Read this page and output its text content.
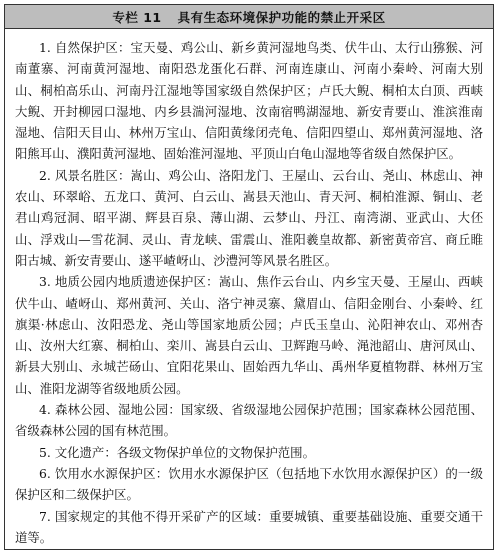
专栏 11 具有生态环境保护功能的禁止开采区

1. 自然保护区：宝天曼、鸡公山、新乡黄河湿地鸟类、伏牛山、太行山猕猴、河南董寨、河南黄河湿地、南阳恐龙蛋化石群、河南连康山、河南小秦岭、河南大别山、桐柏高乐山、河南丹江湿地等国家级自然保护区；卢氏大鲵、桐柏太白顶、西峡大鲵、开封柳园口湿地、内乡县湍河湿地、汝南宿鸭湖湿地、新安青要山、淮滨淮南湿地、信阳天目山、林州万宝山、信阳黄缘闭壳龟、信阳四望山、郑州黄河湿地、洛阳熊耳山、濮阳黄河湿地、固始淮河湿地、平顶山白龟山湿地等省级自然保护区。

2. 风景名胜区：嵩山、鸡公山、洛阳龙门、王屋山、云台山、尧山、林虑山、神农山、环翠峪、五龙口、黄河、白云山、嵩县天池山、青天河、桐柏淮源、铜山、老君山鸡冠洞、昭平湖、辉县百泉、薄山湖、云梦山、丹江、南湾湖、亚武山、大伾山、浮戏山—雪花洞、灵山、青龙峡、雷震山、淮阳羲皇故都、新密黄帝宫、商丘睢阳古城、新安青要山、遂平嵖岈山、沙澧河等风景名胜区。

3. 地质公园内地质遗迹保护区：嵩山、焦作云台山、内乡宝天曼、王屋山、西峡伏牛山、嵖岈山、郑州黄河、关山、洛宁神灵寨、黛眉山、信阳金刚台、小秦岭、红旗渠·林虑山、汝阳恐龙、尧山等国家地质公园；卢氏玉皇山、沁阳神农山、邓州杏山、汝州大红寨、桐柏山、栾川、嵩县白云山、卫辉跑马岭、渑池韶山、唐河凤山、新县大别山、永城芒砀山、宜阳花果山、固始西九华山、禹州华夏植物群、林州万宝山、淮阳龙湖等省级地质公园。

4. 森林公园、湿地公园：国家级、省级湿地公园保护范围；国家森林公园范围、省级森林公园的国有林范围。

5. 文化遗产：各级文物保护单位的文物保护范围。

6. 饮用水水源保护区：饮用水水源保护区（包括地下水饮用水源保护区）的一级保护区和二级保护区。

7. 国家规定的其他不得开采矿产的区域：重要城镇、重要基础设施、重要交通干道等。
